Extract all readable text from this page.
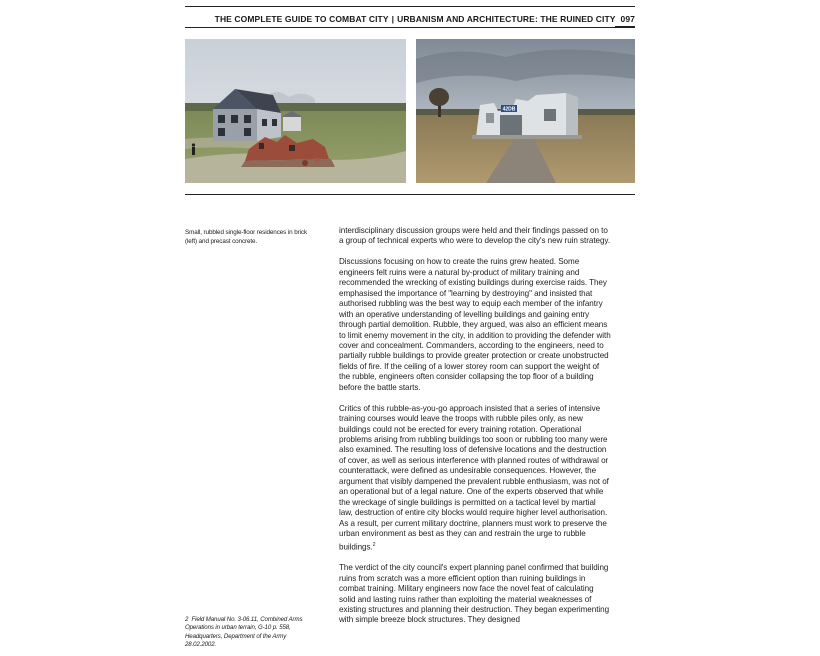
THE COMPLETE GUIDE TO COMBAT CITY | URBANISM AND ARCHITECTURE: THE RUINED CITY 097
42DB
Small, rubbled single-floor residences in brick (left) and precast concrete.

interdisciplinary discussion groups were held and their findings passed on to a group of technical experts who were to develop the city's new ruin strategy.

Discussions focusing on how to create the ruins grew heated. Some engineers felt ruins were a natural by-product of military training and recommended the wrecking of existing buildings during exercise raids. They emphasised the importance of "learning by destroying" and insisted that authorised rubbling was the best way to equip each member of the infantry with an operative understanding of levelling buildings and gaining entry through partial demolition. Rubble, they argued, was also an efficient means to limit enemy movement in the city, in addition to providing the defender with cover and concealment. Commanders, according to the engineers, need to partially rubble buildings to provide greater protection or create unobstructed fields of fire. If the ceiling of a lower storey room can support the weight of the rubble, engineers often consider collapsing the top floor of a building before the battle starts.

Critics of this rubble-as-you-go approach insisted that a series of intensive training courses would leave the troops with rubble piles only, as new buildings could not be erected for every training rotation. Operational problems arising from rubbling buildings too soon or rubbling too many were also examined. The resulting loss of defensive locations and the destruction of cover, as well as serious interference with planned routes of withdrawal or counterattack, were defined as undesirable consequences. However, the argument that visibly dampened the prevalent rubble enthusiasm, was not of an operational but of a legal nature. One of the experts observed that while the wreckage of single buildings is permitted on a tactical level by martial law, destruction of entire city blocks would require higher level authorisation. As a result, per current military doctrine, planners must work to preserve the urban environment as best as they can and restrain the urge to rubble buildings.$^2$

The verdict of the city council's expert planning panel confirmed that building ruins from scratch was a more efficient option than ruining buildings in combat training. Military engineers now face the novel feat of calculating solid and lasting ruins rather than exploiting the material weaknesses of existing structures and planning their destruction. They began experimenting with simple breeze block structures. They designed

2 Field Manual No. 3-06.11, Combined Arms Operations in urban terrain, G-10 p. 558, Headquarters, Department of the Army 28.02.2002.
